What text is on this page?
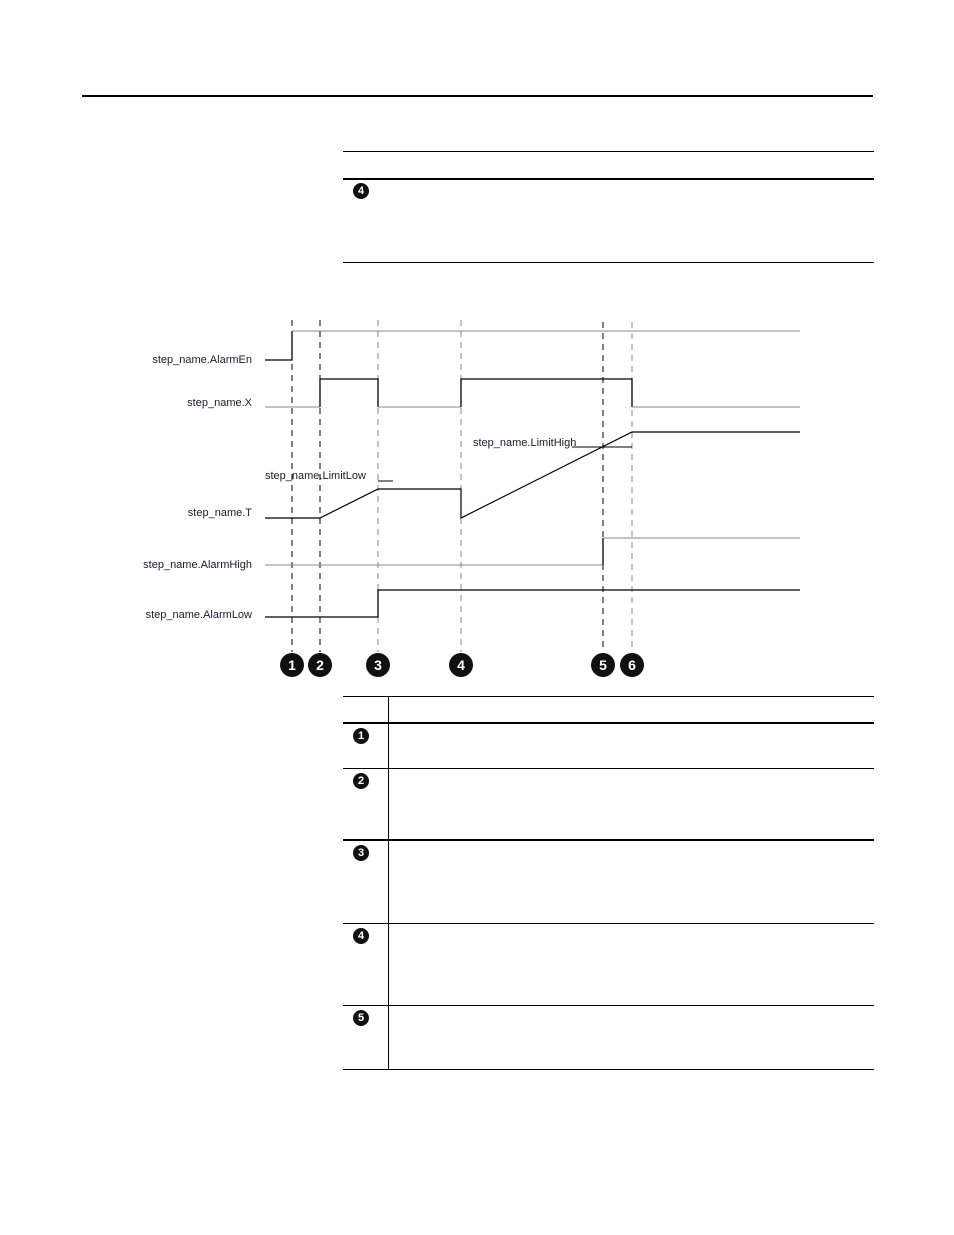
4
step_name.AlarmEn
step_name.X
step_name.LimitHigh
step_name.LimitLow
step_name.T
step_name.AlarmHigh
step_name.AlarmLow
1 2	3	4	5 6
1
2
3
4
5
